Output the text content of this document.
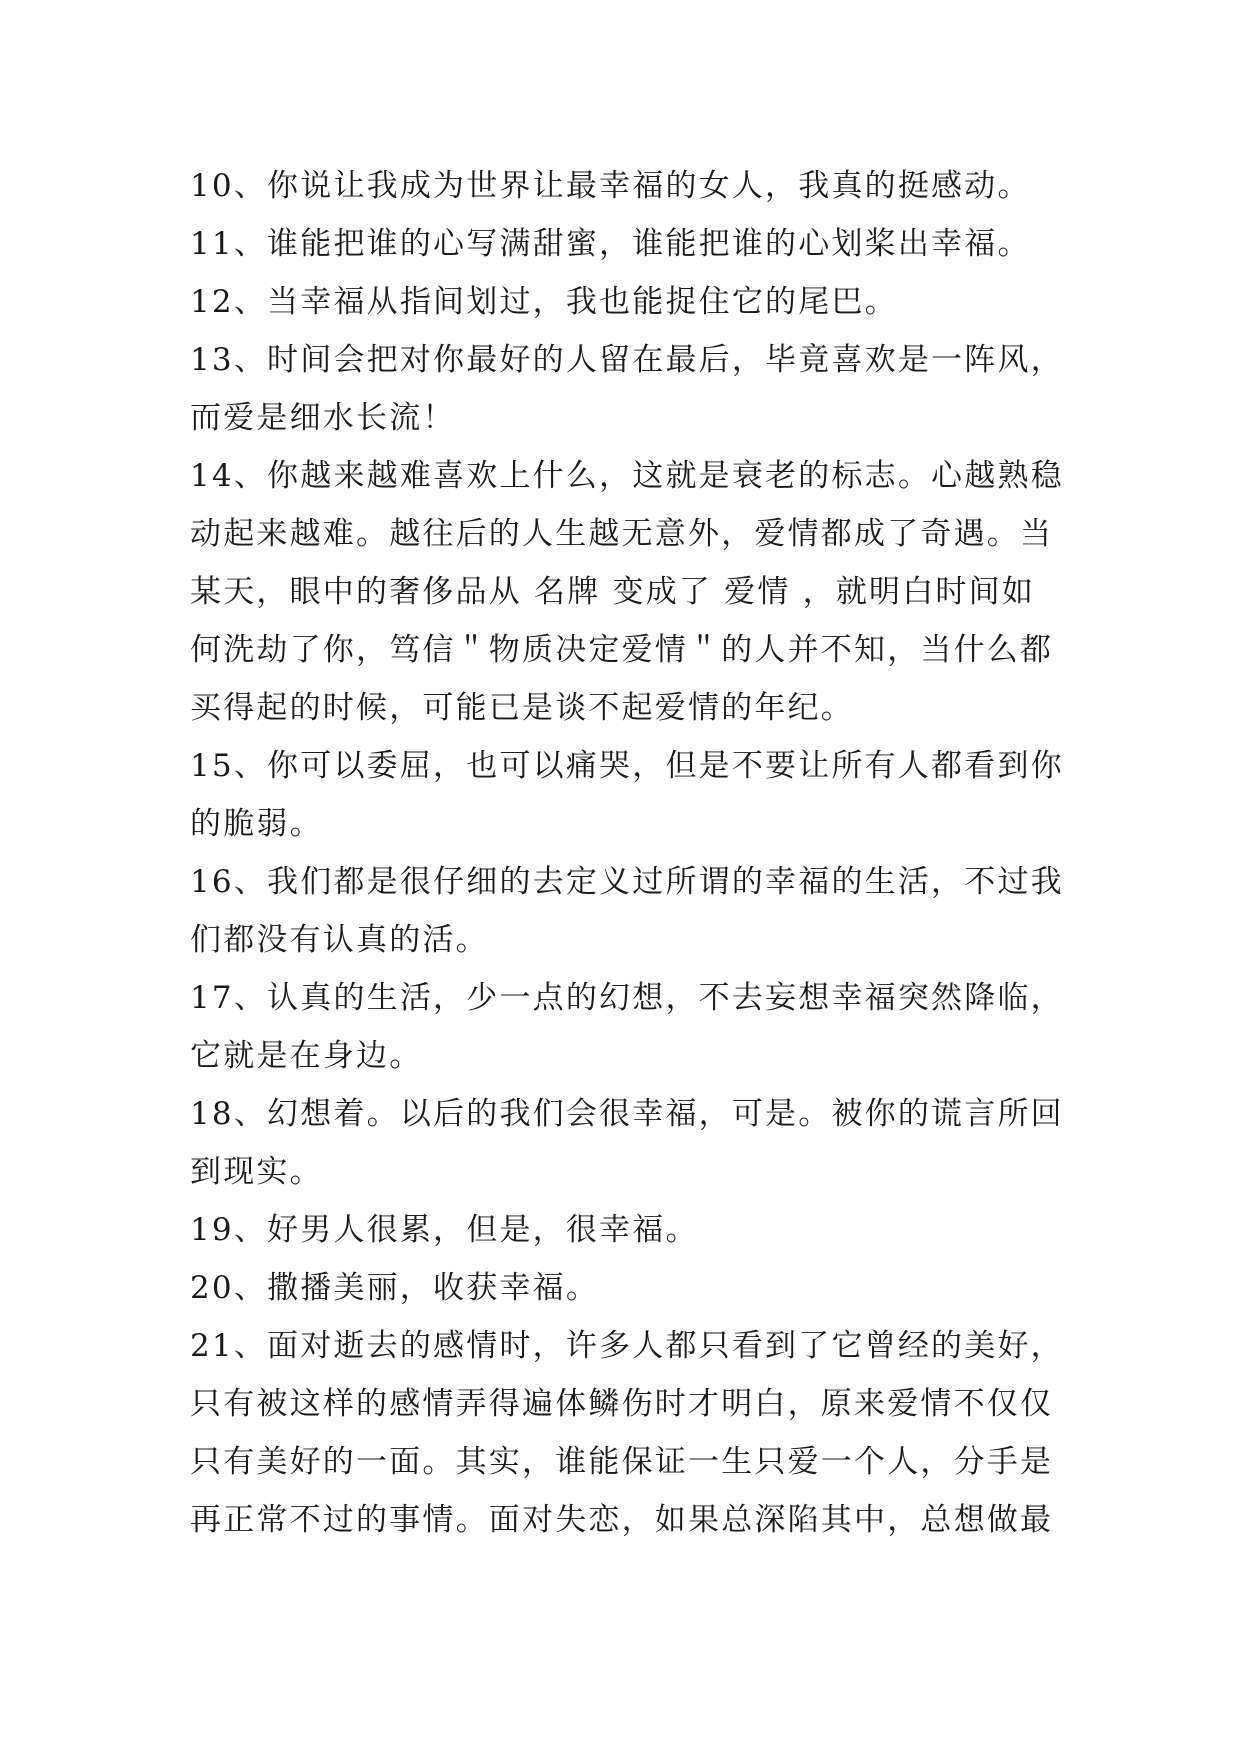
10、你说让我成为世界让最幸福的女人，我真的挺感动。
11、谁能把谁的心写满甜蜜，谁能把谁的心划桨出幸福。
12、当幸福从指间划过，我也能捉住它的尾巴。
13、时间会把对你最好的人留在最后，毕竟喜欢是一阵风，
而爱是细水长流！
14、你越来越难喜欢上什么，这就是衰老的标志。心越熟稳
动起来越难。越往后的人生越无意外，爱情都成了奇遇。当
某天，眼中的奢侈品从 名牌 变成了 爱情 ，就明白时间如
何洗劫了你，笃信＂物质决定爱情＂的人并不知，当什么都
买得起的时候，可能已是谈不起爱情的年纪。
15、你可以委屈，也可以痛哭，但是不要让所有人都看到你
的脆弱。
16、我们都是很仔细的去定义过所谓的幸福的生活，不过我
们都没有认真的活。
17、认真的生活，少一点的幻想，不去妄想幸福突然降临，
它就是在身边。
18、幻想着。以后的我们会很幸福，可是。被你的谎言所回
到现实。
19、好男人很累，但是，很幸福。
20、撒播美丽，收获幸福。
21、面对逝去的感情时，许多人都只看到了它曾经的美好，
只有被这样的感情弄得遍体鳞伤时才明白，原来爱情不仅仅
只有美好的一面。其实，谁能保证一生只爱一个人，分手是
再正常不过的事情。面对失恋，如果总深陷其中，总想做最
